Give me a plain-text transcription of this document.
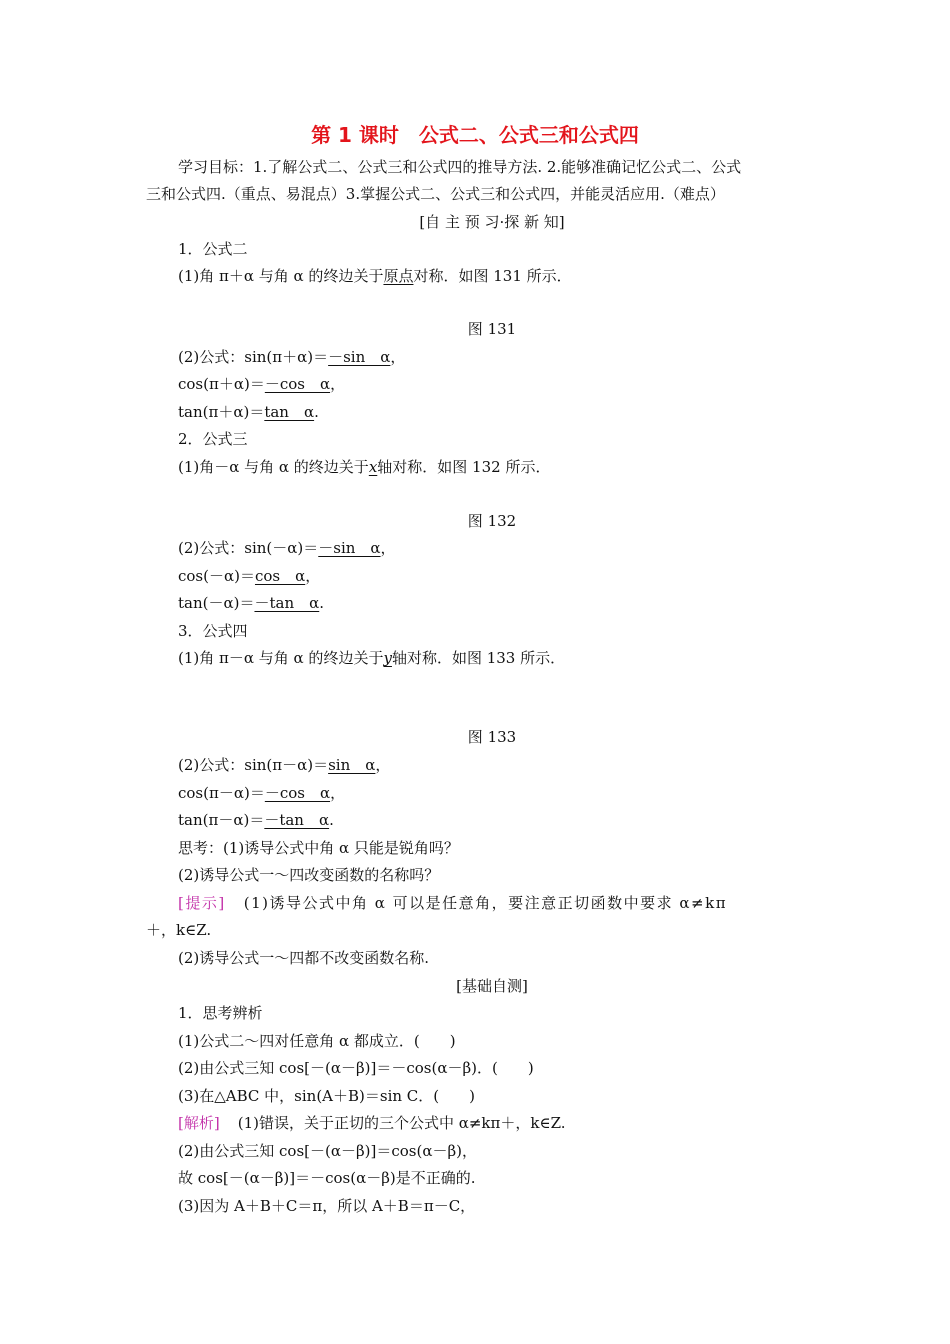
第 1 课时　公式二、公式三和公式四
学习目标：1.了解公式二、公式三和公式四的推导方法. 2.能够准确记忆公式二、公式
三和公式四.（重点、易混点）3.掌握公式二、公式三和公式四，并能灵活应用.（难点）
[自 主 预 习·探 新 知]
1．公式二
(1)角 π＋α 与角 α 的终边关于原点对称．如图 131 所示．
图 131
(2)公式：sin(π＋α)＝－sin　α，
cos(π＋α)＝－cos　α，
tan(π＋α)＝tan　α.
2．公式三
(1)角－α 与角 α 的终边关于x轴对称．如图 132 所示．
图 132
(2)公式：sin(－α)＝－sin　α，
cos(－α)＝cos　α，
tan(－α)＝－tan　α.
3．公式四
(1)角 π－α 与角 α 的终边关于y轴对称．如图 133 所示．
图 133
(2)公式：sin(π－α)＝sin　α，
cos(π－α)＝－cos　α，
tan(π－α)＝－tan　α.
思考：(1)诱导公式中角 α 只能是锐角吗？
(2)诱导公式一～四改变函数的名称吗？
[提示] (1)诱导公式中角 α 可以是任意角，要注意正切函数中要求 α≠kπ
＋，k∈Z.
(2)诱导公式一～四都不改变函数名称.
[基础自测]
1．思考辨析
(1)公式二～四对任意角 α 都成立．(　　)
(2)由公式三知 cos[－(α－β)]＝－cos(α－β)．(　　)
(3)在△ABC 中，sin(A＋B)＝sin C．(　　)
[解析] (1)错误，关于正切的三个公式中 α≠kπ＋，k∈Z.
(2)由公式三知 cos[－(α－β)]＝cos(α－β)，
故 cos[－(α－β)]＝－cos(α－β)是不正确的.
(3)因为 A＋B＋C＝π，所以 A＋B＝π－C，
